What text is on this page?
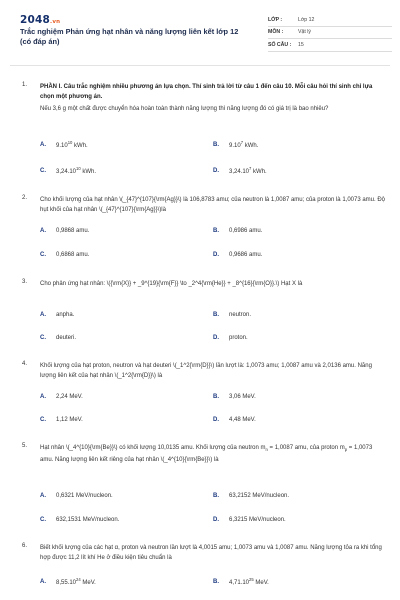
2048.vn
Trắc nghiệm Phản ứng hạt nhân và năng lượng liên kết lớp 12 (có đáp án)
LỚP :	Lớp 12
MÔN :	Vật lý
SỐ CÂU :	15
1. PHẦN I. Câu trắc nghiệm nhiều phương án lựa chọn. Thí sinh trả lời từ câu 1 đến câu 10. Mỗi câu hỏi thí sinh chỉ lựa chọn một phương án.
Nếu 3,6 g một chất được chuyển hóa hoàn toàn thành năng lượng thì năng lượng đó có giá trị là bao nhiêu?
A. 9.10$^{10}$ kWh.	B. 9.10$^7$ kWh.
C. 3,24.10$^{10}$ kWh.	D. 3,24.10$^7$ kWh.
2. Cho khối lượng của hạt nhân \(_{47}^{107}{\rm{Ag}}\) là 106,8783 amu; của neutron là 1,0087 amu; của proton là 1,0073 amu. Độ hụt khối của hạt nhân \(_{47}^{107}{\rm{Ag}}\)là
A. 0,9868 amu.	B. 0,6986 amu.
C. 0,6868 amu.	D. 0,9686 amu.
3. Cho phản ứng hạt nhân: \({\rm{X}} + _9^{19}{\rm{F}} \to _2^4{\rm{He}} + _8^{16}{\rm{O}}.\) Hạt X là
A. anpha.	B. neutron.
C. deuteri.	D. proton.
4. Khối lượng của hạt proton, neutron và hạt deuteri \(_1^2{\rm{D}}\) lần lượt là: 1,0073 amu; 1,0087 amu và 2,0136 amu. Năng lượng liên kết của hạt nhân \(_1^2{\rm{D}}\) là
A. 2,24 MeV.	B. 3,06 MeV.
C. 1,12 MeV.	D. 4,48 MeV.
5. Hạt nhân \(_4^{10}{\rm{Be}}\) có khối lượng 10,0135 amu. Khối lượng của neutron $m_n = 1,0087$ amu, của proton $m_p = 1,0073$ amu. Năng lượng liên kết riêng của hạt nhân \(_4^{10}{\rm{Be}}\) là
A. 0,6321 MeV/nucleon.	B. 63,2152 MeV/nucleon.
C. 632,1531 MeV/nucleon.	D. 6,3215 MeV/nucleon.
6. Biết khối lượng của các hạt α, proton và neutron lần lượt là 4,0015 amu; 1,0073 amu và 1,0087 amu. Năng lượng tỏa ra khi tổng hợp được 11,2 lít khí He ở điều kiện tiêu chuẩn là
A. 8,55.10$^{24}$ MeV.	B. 4,71.10$^{25}$ MeV.
